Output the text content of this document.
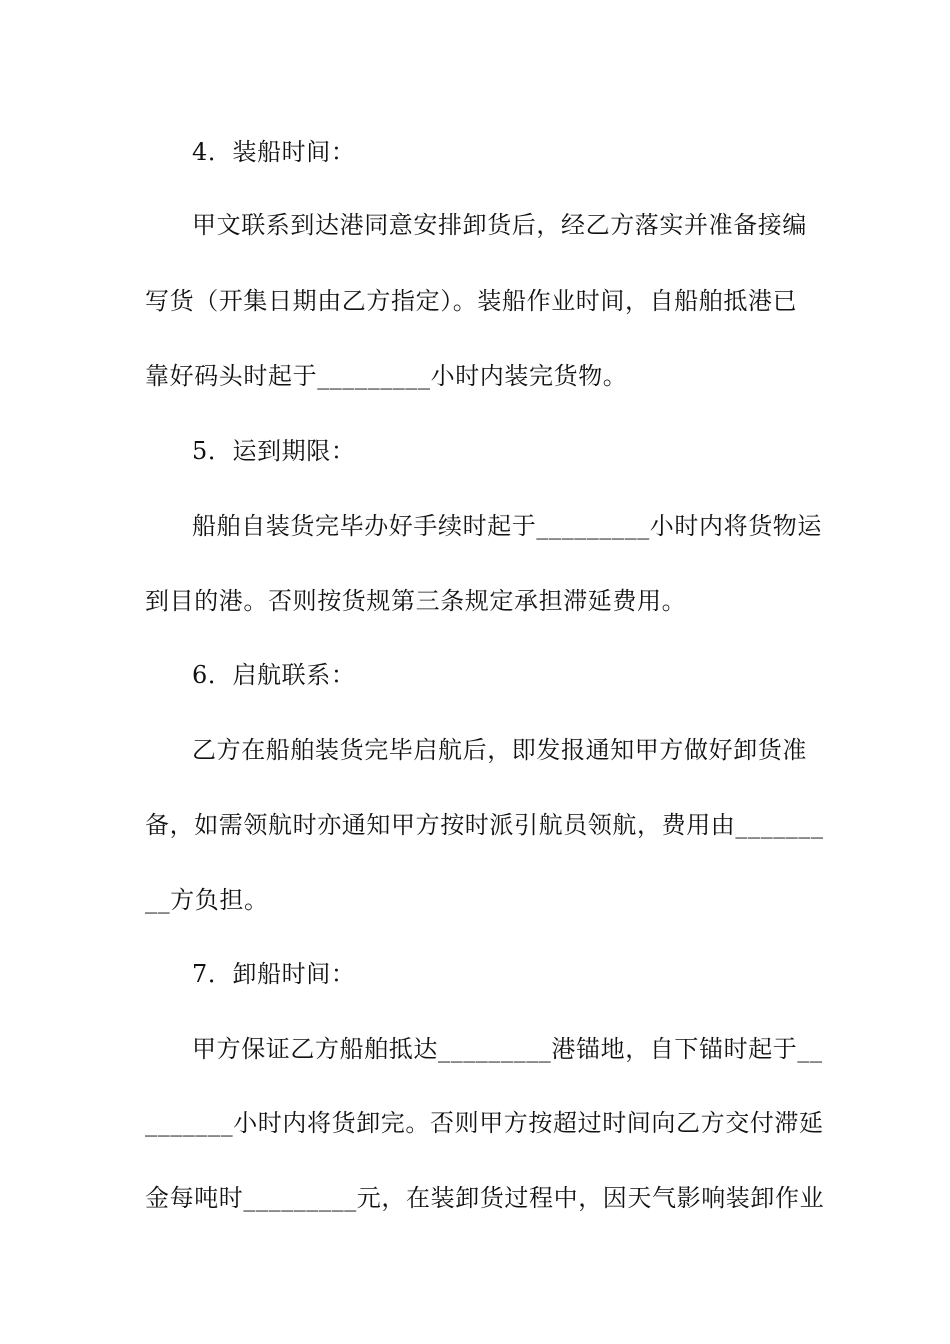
4．装船时间：
甲文联系到达港同意安排卸货后，经乙方落实并准备接编
写货（开集日期由乙方指定）。装船作业时间，自船舶抵港已
靠好码头时起于_________小时内装完货物。
5．运到期限：
船舶自装货完毕办好手续时起于_________小时内将货物运
到目的港。否则按货规第三条规定承担滞延费用。
6．启航联系：
乙方在船舶装货完毕启航后，即发报通知甲方做好卸货准
备，如需领航时亦通知甲方按时派引航员领航，费用由_______
__方负担。
7．卸船时间：
甲方保证乙方船舶抵达_________港锚地，自下锚时起于__
_______小时内将货卸完。否则甲方按超过时间向乙方交付滞延
金每吨时_________元，在装卸货过程中，因天气影响装卸作业
